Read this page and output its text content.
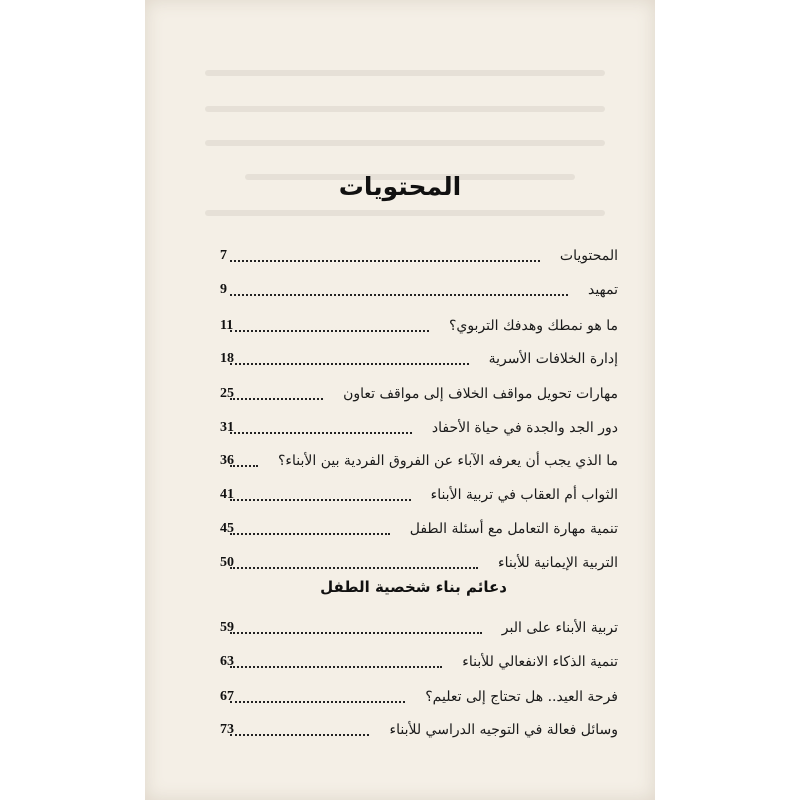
المحتويات
7	المحتويات
9	تمهيد
11	ما هو نمطك وهدفك التربوي؟
18	إدارة الخلافات الأسرية
25	مهارات تحويل مواقف الخلاف إلى مواقف تعاون
31	دور الجد والجدة في حياة الأحفاد
36	ما الذي يجب أن يعرفه الآباء عن الفروق الفردية بين الأبناء؟
41	الثواب أم العقاب في تربية الأبناء
45	تنمية مهارة التعامل مع أسئلة الطفل
50	التربية الإيمانية للأبناء
59	تربية الأبناء على البر
63	تنمية الذكاء الانفعالي للأبناء
67	فرحة العيد.. هل تحتاج إلى تعليم؟
73	وسائل فعالة في التوجيه الدراسي للأبناء
دعائم بناء شخصية الطفل
